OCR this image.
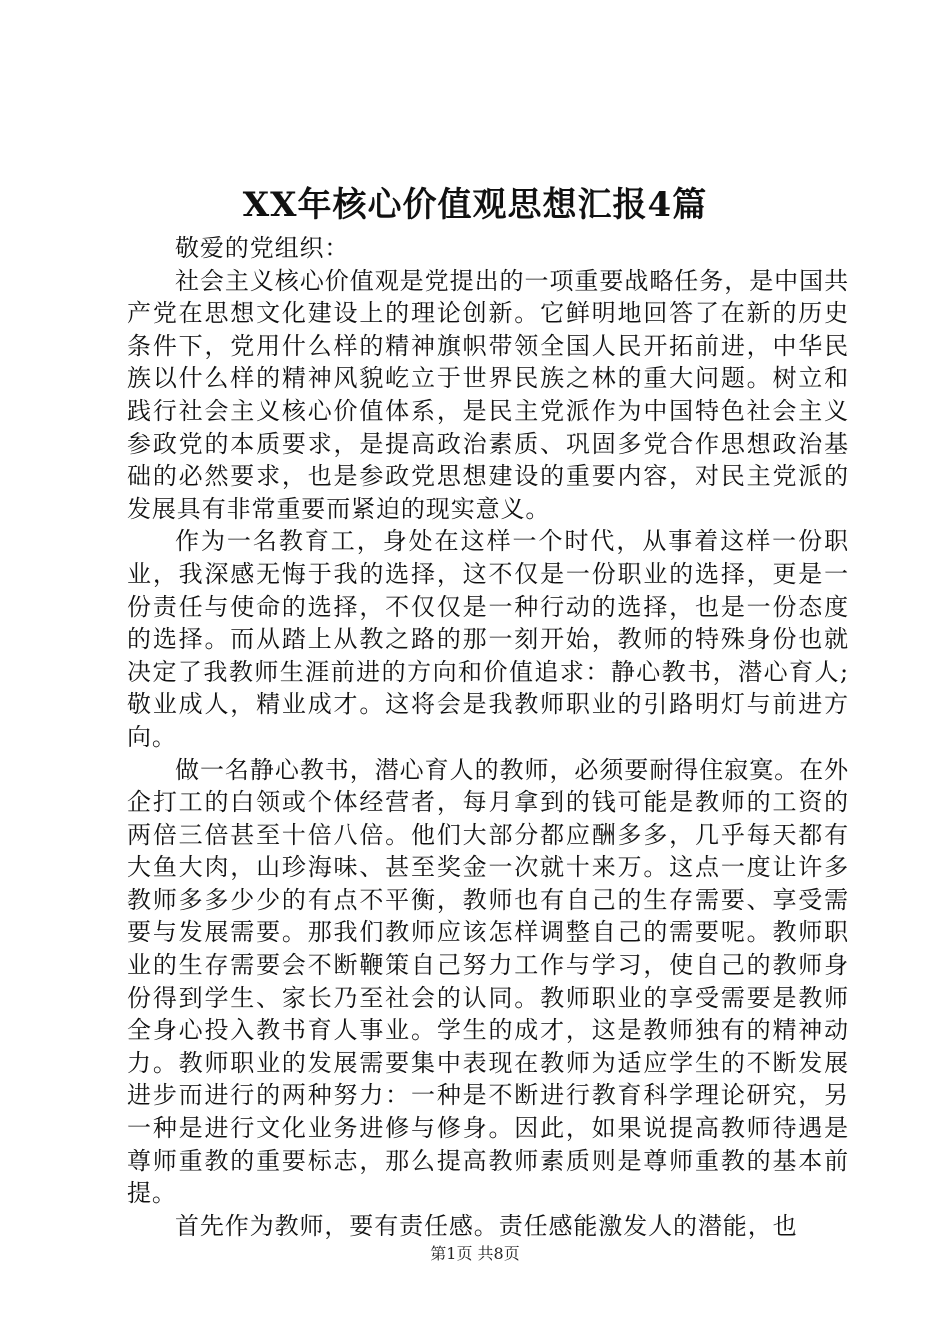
XX年核心价值观思想汇报4篇

敬爱的党组织：

社会主义核心价值观是党提出的一项重要战略任务，是中国共产党在思想文化建设上的理论创新。它鲜明地回答了在新的历史条件下，党用什么样的精神旗帜带领全国人民开拓前进，中华民族以什么样的精神风貌屹立于世界民族之林的重大问题。树立和践行社会主义核心价值体系，是民主党派作为中国特色社会主义参政党的本质要求，是提高政治素质、巩固多党合作思想政治基础的必然要求，也是参政党思想建设的重要内容，对民主党派的发展具有非常重要而紧迫的现实意义。

作为一名教育工，身处在这样一个时代，从事着这样一份职业，我深感无悔于我的选择，这不仅是一份职业的选择，更是一份责任与使命的选择，不仅仅是一种行动的选择，也是一份态度的选择。而从踏上从教之路的那一刻开始，教师的特殊身份也就决定了我教师生涯前进的方向和价值追求：静心教书，潜心育人;敬业成人，精业成才。这将会是我教师职业的引路明灯与前进方向。

做一名静心教书，潜心育人的教师，必须要耐得住寂寞。在外企打工的白领或个体经营者，每月拿到的钱可能是教师的工资的两倍三倍甚至十倍八倍。他们大部分都应酬多多，几乎每天都有大鱼大肉，山珍海味、甚至奖金一次就十来万。这点一度让许多教师多多少少的有点不平衡，教师也有自己的生存需要、享受需要与发展需要。那我们教师应该怎样调整自己的需要呢。教师职业的生存需要会不断鞭策自己努力工作与学习，使自己的教师身份得到学生、家长乃至社会的认同。教师职业的享受需要是教师全身心投入教书育人事业。学生的成才，这是教师独有的精神动力。教师职业的发展需要集中表现在教师为适应学生的不断发展进步而进行的两种努力：一种是不断进行教育科学理论研究，另一种是进行文化业务进修与修身。因此，如果说提高教师待遇是尊师重教的重要标志，那么提高教师素质则是尊师重教的基本前提。

首先作为教师，要有责任感。责任感能激发人的潜能，也

第1页 共8页
